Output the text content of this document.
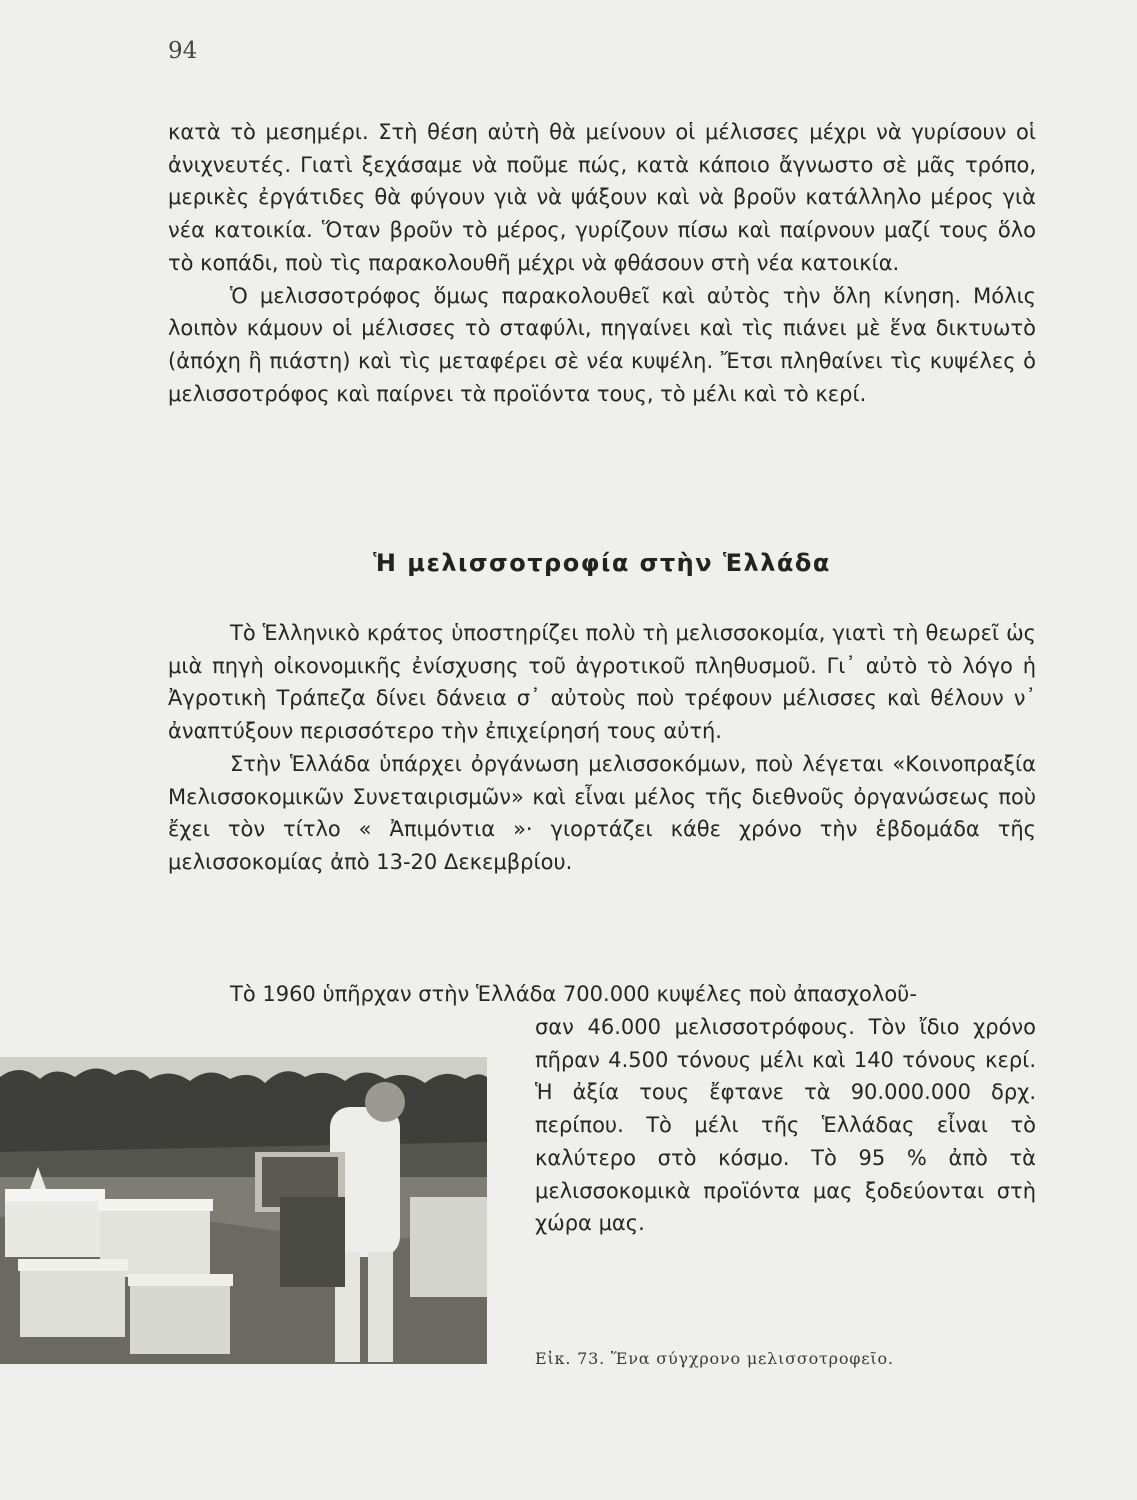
94

κατὰ τὸ μεσημέρι. Στὴ θέση αὐτὴ θὰ μείνουν οἱ μέλισσες μέχρι νὰ γυρίσουν οἱ ἀνιχνευτές. Γιατὶ ξεχάσαμε νὰ ποῦμε πώς, κατὰ κάποιο ἄγνωστο σὲ μᾶς τρόπο, μερικὲς ἐργάτιδες θὰ φύγουν γιὰ νὰ ψάξουν καὶ νὰ βροῦν κατάλληλο μέρος γιὰ νέα κατοικία. Ὅταν βροῦν τὸ μέρος, γυρίζουν πίσω καὶ παίρνουν μαζί τους ὅλο τὸ κοπάδι, ποὺ τὶς παρακολουθῆ μέχρι νὰ φθάσουν στὴ νέα κατοικία.

Ὁ μελισσοτρόφος ὅμως παρακολουθεῖ καὶ αὐτὸς τὴν ὅλη κίνηση. Μόλις λοιπὸν κάμουν οἱ μέλισσες τὸ σταφύλι, πηγαίνει καὶ τὶς πιάνει μὲ ἕνα δικτυωτὸ (ἀπόχη ἢ πιάστη) καὶ τὶς μεταφέρει σὲ νέα κυψέλη. Ἔτσι πληθαίνει τὶς κυψέλες ὁ μελισσοτρόφος καὶ παίρνει τὰ προϊόντα τους, τὸ μέλι καὶ τὸ κερί.

Ἡ μελισσοτροφία στὴν Ἑλλάδα

Τὸ Ἑλληνικὸ κράτος ὑποστηρίζει πολὺ τὴ μελισσοκομία, γιατὶ τὴ θεωρεῖ ὡς μιὰ πηγὴ οἰκονομικῆς ἐνίσχυσης τοῦ ἀγροτικοῦ πληθυσμοῦ. Γι᾽ αὐτὸ τὸ λόγο ἡ Ἀγροτικὴ Τράπεζα δίνει δάνεια σ᾽ αὐτοὺς ποὺ τρέφουν μέλισσες καὶ θέλουν ν᾽ ἀναπτύξουν περισσότερο τὴν ἐπιχείρησή τους αὐτή.

Στὴν Ἑλλάδα ὑπάρχει ὀργάνωση μελισσοκόμων, ποὺ λέγεται «Κοινοπραξία Μελισσοκομικῶν Συνεταιρισμῶν» καὶ εἶναι μέλος τῆς διεθνοῦς ὀργανώσεως ποὺ ἔχει τὸν τίτλο « Ἀπιμόντια »· γιορτάζει κάθε χρόνο τὴν ἑβδομάδα τῆς μελισσοκομίας ἀπὸ 13-20 Δεκεμβρίου.

Τὸ 1960 ὑπῆρχαν στὴν Ἑλλάδα 700.000 κυψέλες ποὺ ἀπασχολοῦ-
σαν 46.000 μελισσοτρόφους. Τὸν ἴδιο χρόνο πῆραν 4.500 τόνους μέλι καὶ 140 τόνους κερί. Ἡ ἀξία τους ἔφτανε τὰ 90.000.000 δρχ. περίπου. Τὸ μέλι τῆς Ἑλλάδας εἶναι τὸ καλύτερο στὸ κόσμο. Τὸ 95 % ἀπὸ τὰ μελισσοκομικὰ προϊόντα μας ξοδεύονται στὴ χώρα μας.
Εἰκ. 73. Ἕνα σύγχρονο μελισσοτροφεῖο.
